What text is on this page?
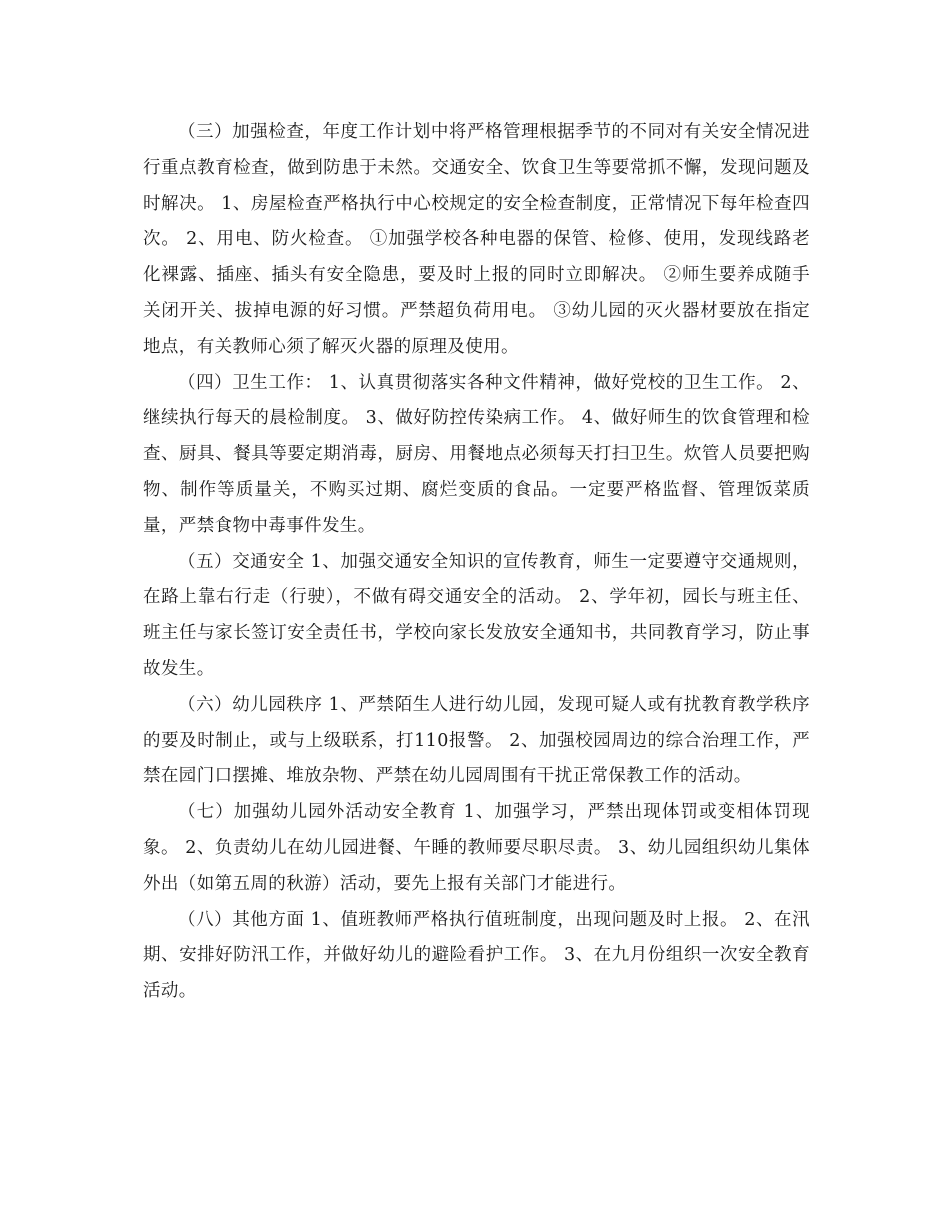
（三）加强检查，年度工作计划中将严格管理根据季节的不同对有关安全情况进行重点教育检查，做到防患于未然。交通安全、饮食卫生等要常抓不懈，发现问题及时解决。 1、房屋检查严格执行中心校规定的安全检查制度，正常情况下每年检查四次。 2、用电、防火检查。 ①加强学校各种电器的保管、检修、使用，发现线路老化裸露、插座、插头有安全隐患，要及时上报的同时立即解决。 ②师生要养成随手关闭开关、拔掉电源的好习惯。严禁超负荷用电。 ③幼儿园的灭火器材要放在指定地点，有关教师心须了解灭火器的原理及使用。

（四）卫生工作： 1、认真贯彻落实各种文件精神，做好党校的卫生工作。 2、继续执行每天的晨检制度。 3、做好防控传染病工作。 4、做好师生的饮食管理和检查、厨具、餐具等要定期消毒，厨房、用餐地点必须每天打扫卫生。炊管人员要把购物、制作等质量关，不购买过期、腐烂变质的食品。一定要严格监督、管理饭菜质量，严禁食物中毒事件发生。

（五）交通安全 1、加强交通安全知识的宣传教育，师生一定要遵守交通规则，在路上靠右行走（行驶），不做有碍交通安全的活动。 2、学年初，园长与班主任、班主任与家长签订安全责任书，学校向家长发放安全通知书，共同教育学习，防止事故发生。

（六）幼儿园秩序 1、严禁陌生人进行幼儿园，发现可疑人或有扰教育教学秩序的要及时制止，或与上级联系，打110报警。 2、加强校园周边的综合治理工作，严禁在园门口摆摊、堆放杂物、严禁在幼儿园周围有干扰正常保教工作的活动。

（七）加强幼儿园外活动安全教育 1、加强学习，严禁出现体罚或变相体罚现象。 2、负责幼儿在幼儿园进餐、午睡的教师要尽职尽责。 3、幼儿园组织幼儿集体外出（如第五周的秋游）活动，要先上报有关部门才能进行。

（八）其他方面 1、值班教师严格执行值班制度，出现问题及时上报。 2、在汛期、安排好防汛工作，并做好幼儿的避险看护工作。 3、在九月份组织一次安全教育活动。
